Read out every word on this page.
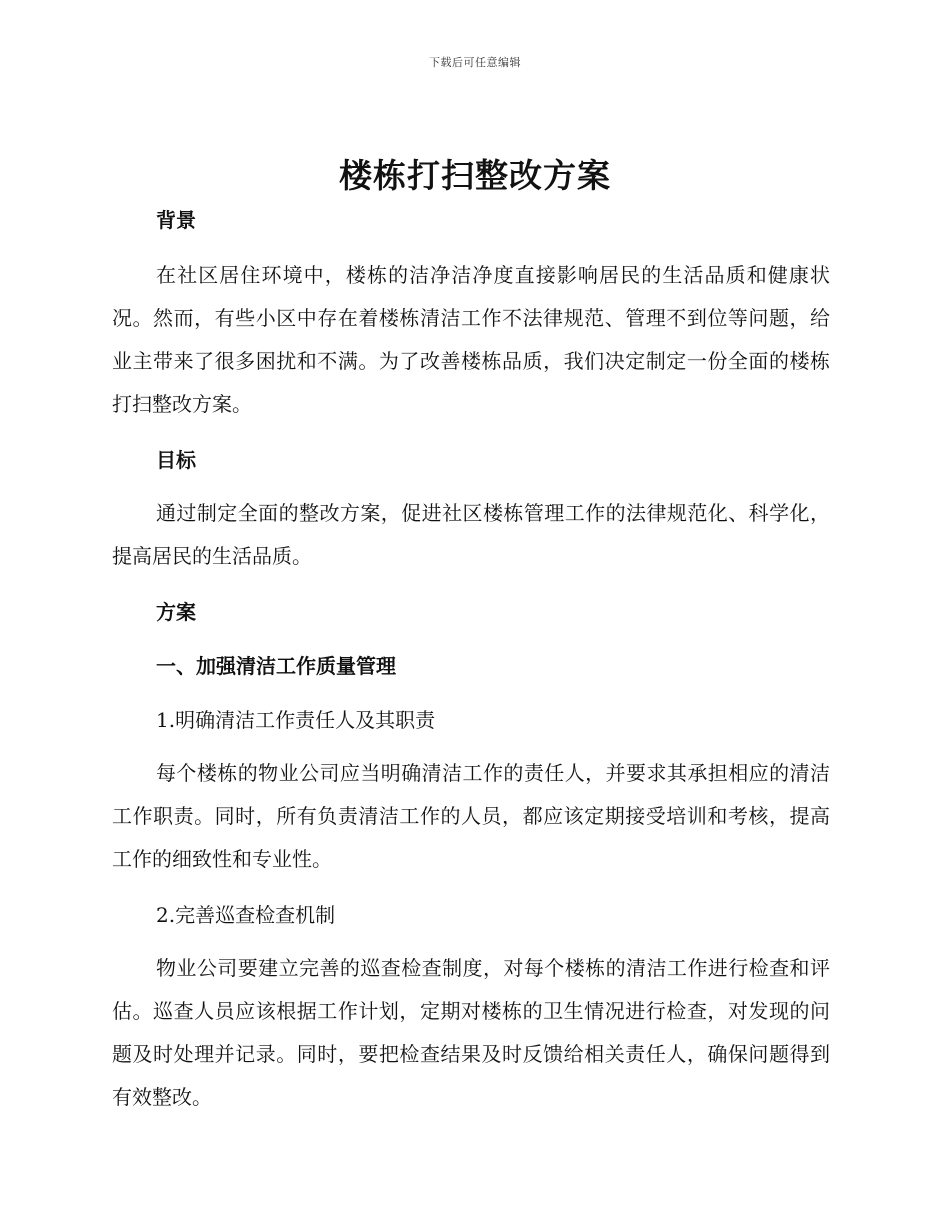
下载后可任意编辑
楼栋打扫整改方案

背景

在社区居住环境中，楼栋的洁净洁净度直接影响居民的生活品质和健康状况。然而，有些小区中存在着楼栋清洁工作不法律规范、管理不到位等问题，给业主带来了很多困扰和不满。为了改善楼栋品质，我们决定制定一份全面的楼栋打扫整改方案。

目标

通过制定全面的整改方案，促进社区楼栋管理工作的法律规范化、科学化，提高居民的生活品质。

方案

一、加强清洁工作质量管理

1.明确清洁工作责任人及其职责

每个楼栋的物业公司应当明确清洁工作的责任人，并要求其承担相应的清洁工作职责。同时，所有负责清洁工作的人员，都应该定期接受培训和考核，提高工作的细致性和专业性。

2.完善巡查检查机制

物业公司要建立完善的巡查检查制度，对每个楼栋的清洁工作进行检查和评估。巡查人员应该根据工作计划，定期对楼栋的卫生情况进行检查，对发现的问题及时处理并记录。同时，要把检查结果及时反馈给相关责任人，确保问题得到有效整改。
